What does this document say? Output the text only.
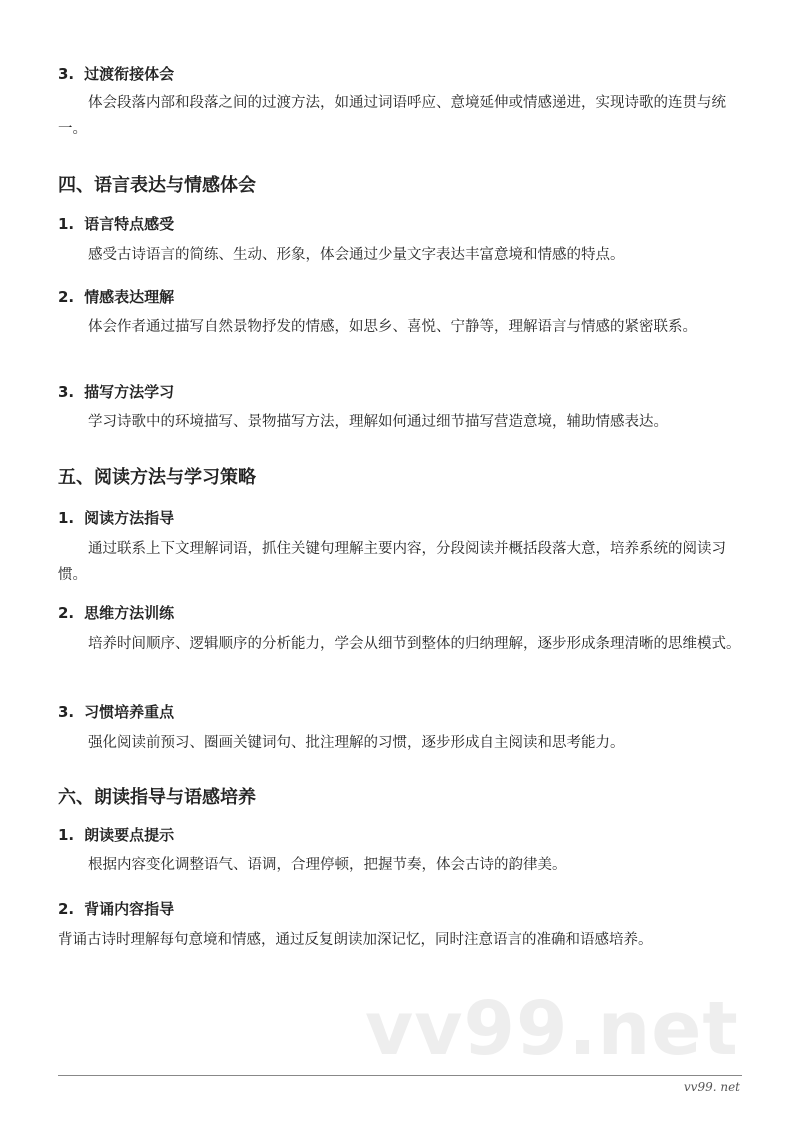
3. 过渡衔接体会
体会段落内部和段落之间的过渡方法，如通过词语呼应、意境延伸或情感递进，实现诗歌的连贯与统一。
四、语言表达与情感体会
1. 语言特点感受
感受古诗语言的简练、生动、形象，体会通过少量文字表达丰富意境和情感的特点。
2. 情感表达理解
体会作者通过描写自然景物抒发的情感，如思乡、喜悦、宁静等，理解语言与情感的紧密联系。
3. 描写方法学习
学习诗歌中的环境描写、景物描写方法，理解如何通过细节描写营造意境，辅助情感表达。
五、阅读方法与学习策略
1. 阅读方法指导
通过联系上下文理解词语，抓住关键句理解主要内容，分段阅读并概括段落大意，培养系统的阅读习惯。
2. 思维方法训练
培养时间顺序、逻辑顺序的分析能力，学会从细节到整体的归纳理解，逐步形成条理清晰的思维模式。
3. 习惯培养重点
强化阅读前预习、圈画关键词句、批注理解的习惯，逐步形成自主阅读和思考能力。
六、朗读指导与语感培养
1. 朗读要点提示
根据内容变化调整语气、语调，合理停顿，把握节奏，体会古诗的韵律美。
2. 背诵内容指导
背诵古诗时理解每句意境和情感，通过反复朗读加深记忆，同时注意语言的准确和语感培养。
vv99.net
vv99. net
